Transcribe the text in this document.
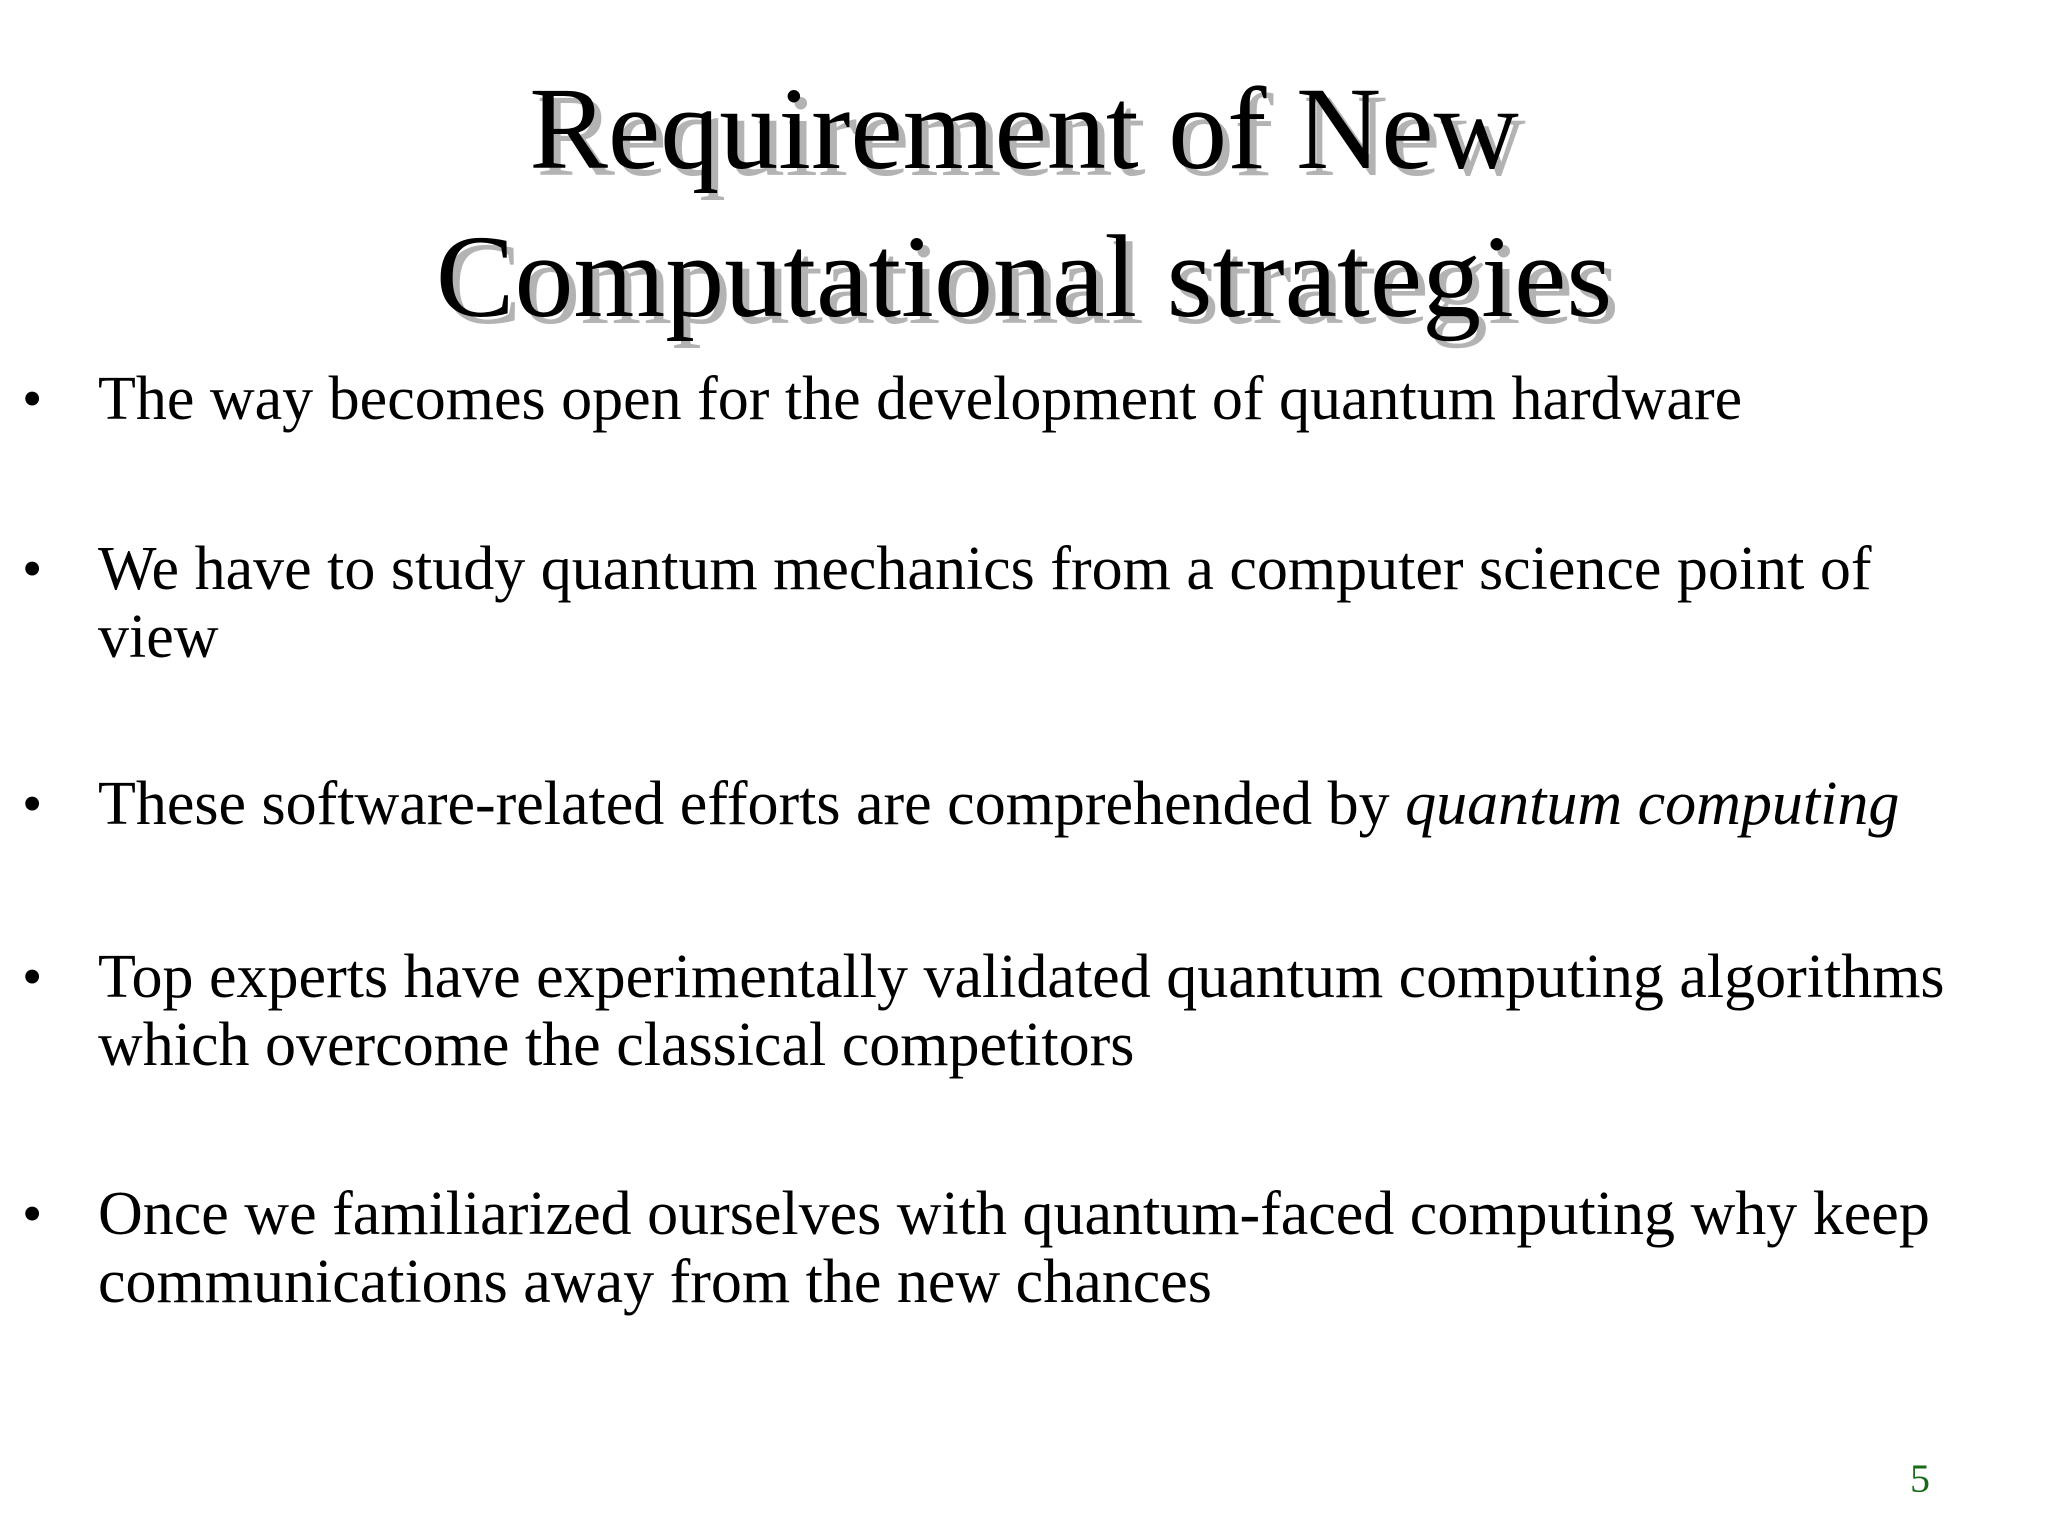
Requirement of New
Computational strategies
• The way becomes open for the development of quantum hardware
• We have to study quantum mechanics from a computer science point of
view
• These software-related efforts are comprehended by quantum computing
• Top experts have experimentally validated quantum computing algorithms
which overcome the classical competitors
• Once we familiarized ourselves with quantum-faced computing why keep
communications away from the new chances
5
